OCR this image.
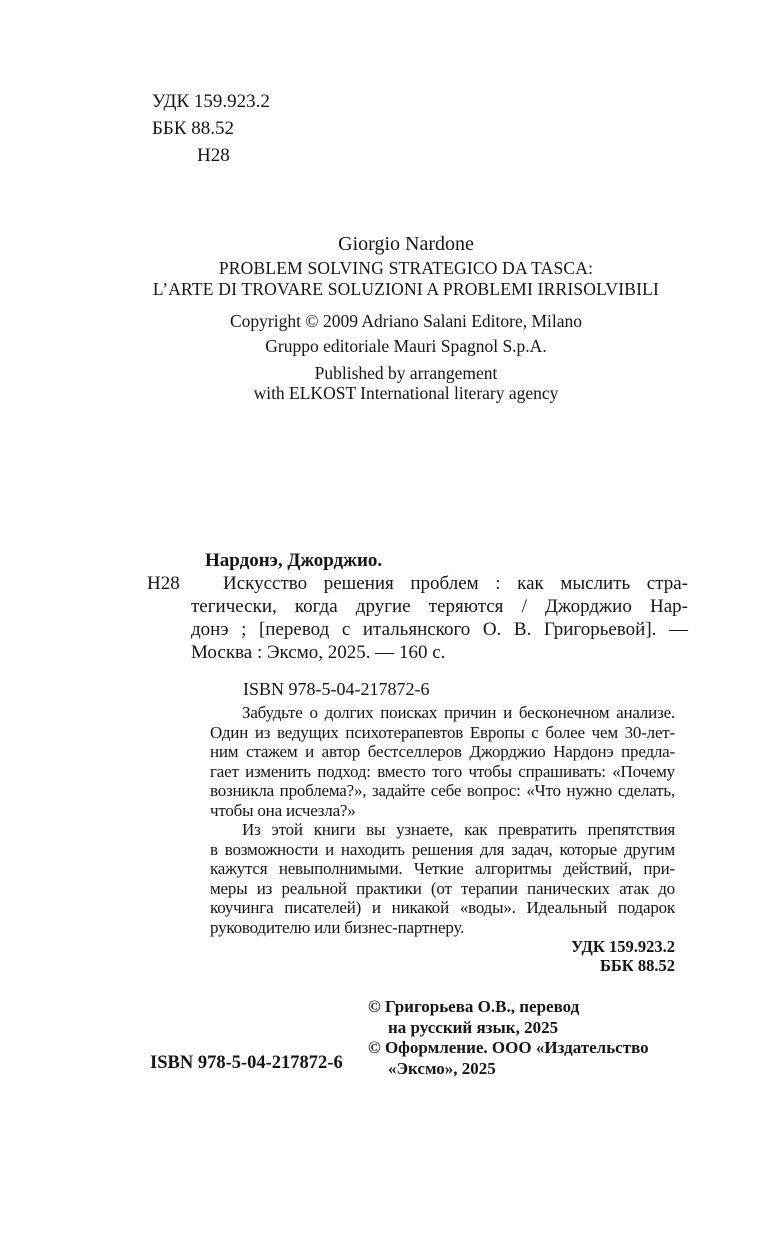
УДК 159.923.2
ББК 88.52
Н28
Giorgio Nardone
PROBLEM SOLVING STRATEGICO DA TASCA:
L’ARTE DI TROVARE SOLUZIONI A PROBLEMI IRRISOLVIBILI
Copyright © 2009 Adriano Salani Editore, Milano
Gruppo editoriale Mauri Spagnol S.p.A.
Published by arrangement
with ELKOST International literary agency
Н28
Нардонэ, Джорджио.
Искусство решения проблем : как мыслить стра-
тегически, когда другие теряются / Джорджио Нар-
донэ ; [перевод с итальянского О. В. Григорьевой]. —
Москва : Эксмо, 2025. — 160 с.
ISBN 978-5-04-217872-6
Забудьте о долгих поисках причин и бесконечном анализе.
Один из ведущих психотерапевтов Европы с более чем 30-лет-
ним стажем и автор бестселлеров Джорджио Нардонэ предла-
гает изменить подход: вместо того чтобы спрашивать: «Почему
возникла проблема?», задайте себе вопрос: «Что нужно сделать,
чтобы она исчезла?»
Из этой книги вы узнаете, как превратить препятствия
в возможности и находить решения для задач, которые другим
кажутся невыполнимыми. Четкие алгоритмы действий, при-
меры из реальной практики (от терапии панических атак до
коучинга писателей) и никакой «воды». Идеальный подарок
руководителю или бизнес-партнеру.
УДК 159.923.2
ББК 88.52
ISBN 978-5-04-217872-6
© Григорьева О.В., перевод
на русский язык, 2025
© Оформление. ООО «Издательство
«Эксмо», 2025
